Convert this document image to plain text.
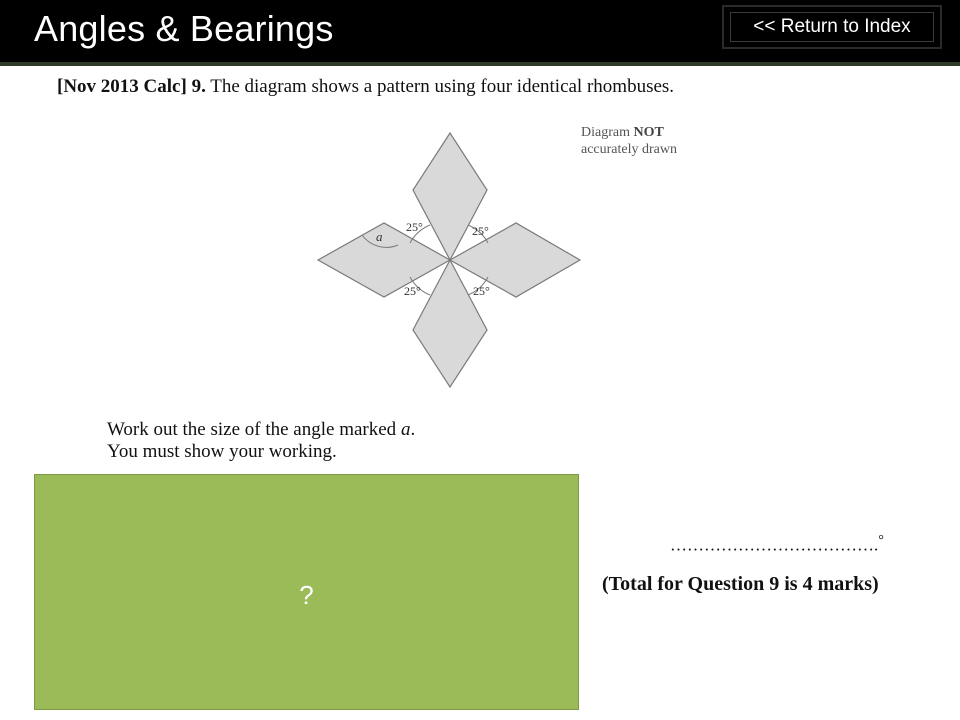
Angles & Bearings	<< Return to Index
[Nov 2013 Calc] 9. The diagram shows a pattern using four identical rhombuses.
Diagram NOT
accurately drawn
25°	25°
25°	25°
a
Work out the size of the angle marked a.
You must show your working.
?
……………………………….°
(Total for Question 9 is 4 marks)
